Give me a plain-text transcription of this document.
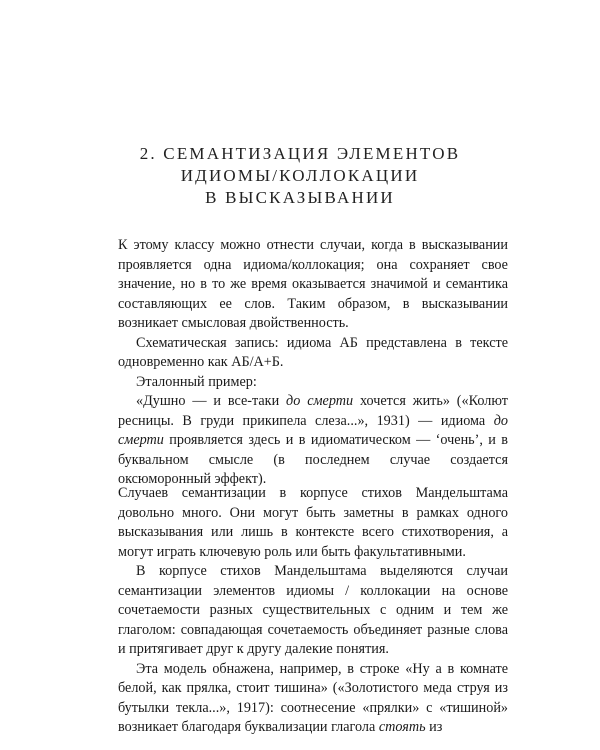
2. СЕМАНТИЗАЦИЯ ЭЛЕМЕНТОВ
ИДИОМЫ/КОЛЛОКАЦИИ
В ВЫСКАЗЫВАНИИ

К этому классу можно отнести случаи, когда в высказывании проявляется одна идиома/коллокация; она сохраняет свое значение, но в то же время оказывается значимой и семантика составляющих ее слов. Таким образом, в высказывании возникает смысловая двойственность.

Схематическая запись: идиома АБ представлена в тексте одновременно как АБ/А+Б.

Эталонный пример:

«Душно — и все-таки до смерти хочется жить» («Колют ресницы. В груди прикипела слеза...», 1931) — идиома до смерти проявляется здесь и в идиоматическом — ‘очень’, и в буквальном смысле (в последнем случае создается оксюморонный эффект).

Случаев семантизации в корпусе стихов Мандельштама довольно много. Они могут быть заметны в рамках одного высказывания или лишь в контексте всего стихотворения, а могут играть ключевую роль или быть факультативными.

В корпусе стихов Мандельштама выделяются случаи семантизации элементов идиомы / коллокации на основе сочетаемости разных существительных с одним и тем же глаголом: совпадающая сочетаемость объединяет разные слова и притягивает друг к другу далекие понятия.

Эта модель обнажена, например, в строке «Ну а в комнате белой, как прялка, стоит тишина» («Золотистого меда струя из бутылки текла...», 1917): соотнесение «прялки» с «тишиной» возникает благодаря буквализации глагола стоять из
